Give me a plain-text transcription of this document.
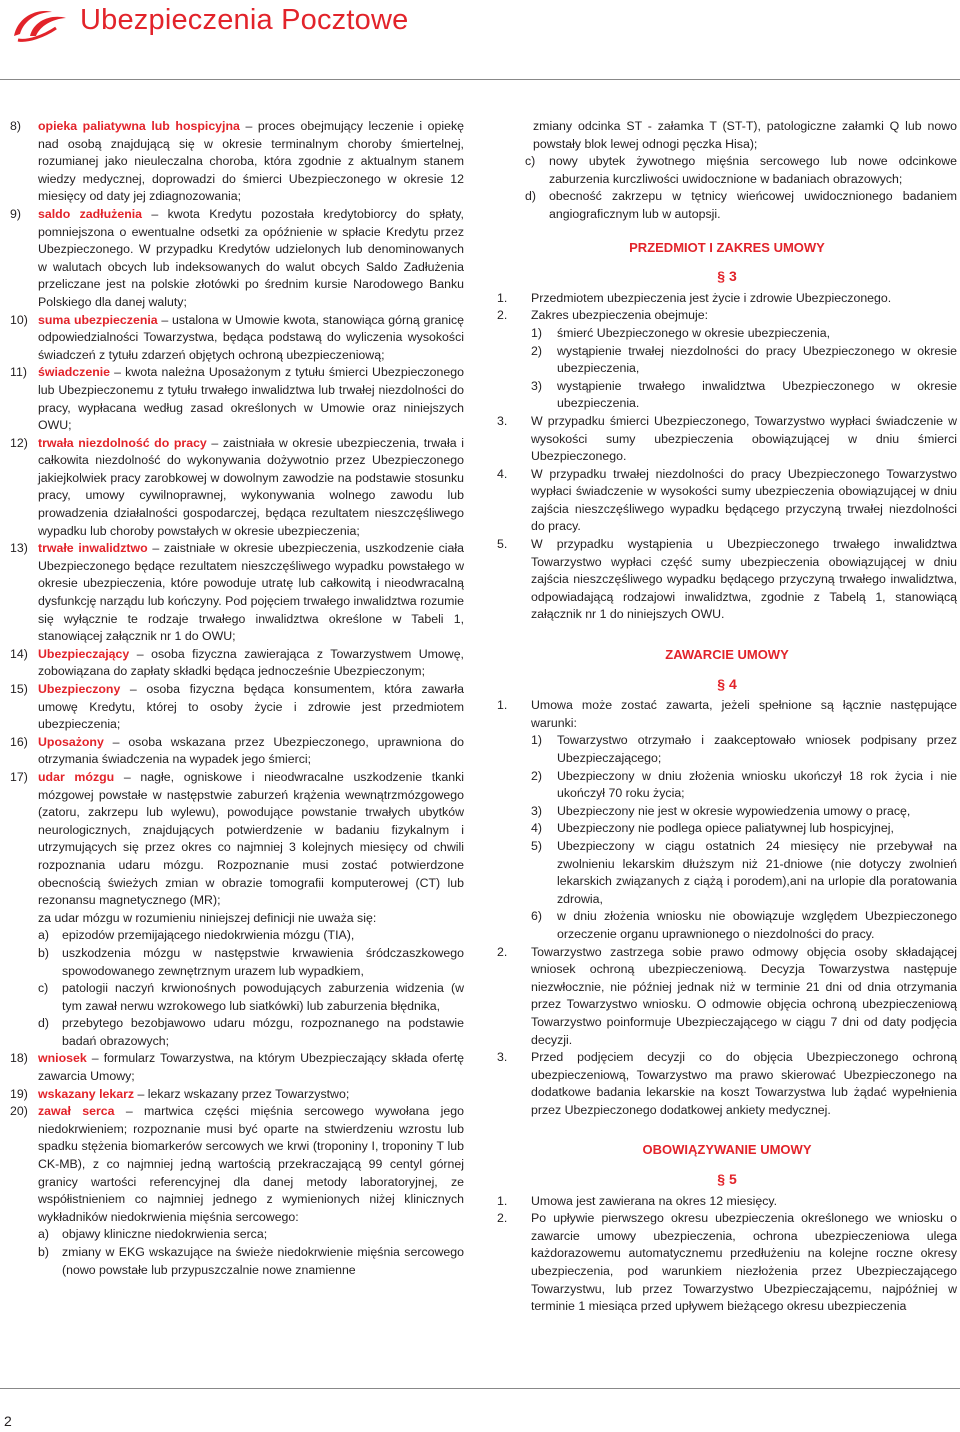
Ubezpieczenia Pocztowe
8)	opieka paliatywna lub hospicyjna – proces obejmujący leczenie i opiekę nad osobą znajdującą się w okresie terminalnym choroby śmiertelnej, rozumianej jako nieuleczalna choroba, która zgodnie z aktualnym stanem wiedzy medycznej, doprowadzi do śmierci Ubezpieczonego w okresie 12 miesięcy od daty jej zdiagnozowania;
9)	saldo zadłużenia – kwota Kredytu pozostała kredytobiorcy do spłaty, pomniejszona o ewentualne odsetki za opóźnienie w spłacie Kredytu przez Ubezpieczonego. W przypadku Kredytów udzielonych lub denominowanych w walutach obcych lub indeksowanych do walut obcych Saldo Zadłużenia przeliczane jest na polskie złotówki po średnim kursie Narodowego Banku Polskiego dla danej waluty;
10) suma ubezpieczenia – ustalona w Umowie kwota, stanowiąca górną granicę odpowiedzialności Towarzystwa, będąca podstawą do wyliczenia wysokości świadczeń z tytułu zdarzeń objętych ochroną ubezpieczeniową;
11) świadczenie – kwota należna Uposażonym z tytułu śmierci Ubezpieczonego lub Ubezpieczonemu z tytułu trwałego inwalidztwa lub trwałej niezdolności do pracy, wypłacana według zasad określonych w Umowie oraz niniejszych OWU;
12) trwała niezdolność do pracy – zaistniała w okresie ubezpieczenia, trwała i całkowita niezdolność do wykonywania dożywotnio przez Ubezpieczonego jakiejkolwiek pracy zarobkowej w dowolnym zawodzie na podstawie stosunku pracy, umowy cywilnoprawnej, wykonywania wolnego zawodu lub prowadzenia działalności gospodarczej, będąca rezultatem nieszczęśliwego wypadku lub choroby powstałych w okresie ubezpieczenia;
13) trwałe inwalidztwo – zaistniałe w okresie ubezpieczenia, uszkodzenie ciała Ubezpieczonego będące rezultatem nieszczęśliwego wypadku powstałego w okresie ubezpieczenia, które powoduje utratę lub całkowitą i nieodwracalną dysfunkcję narządu lub kończyny. Pod pojęciem trwałego inwalidztwa rozumie się wyłącznie te rodzaje trwałego inwalidztwa określone w Tabeli 1, stanowiącej załącznik nr 1 do OWU;
14) Ubezpieczający – osoba fizyczna zawierająca z Towarzystwem Umowę, zobowiązana do zapłaty składki będąca jednocześnie Ubezpieczonym;
15) Ubezpieczony – osoba fizyczna będąca konsumentem, która zawarła umowę Kredytu, której to osoby życie i zdrowie jest przedmiotem ubezpieczenia;
16) Uposażony – osoba wskazana przez Ubezpieczonego, uprawniona do otrzymania świadczenia na wypadek jego śmierci;
17) udar mózgu – nagłe, ogniskowe i nieodwracalne uszkodzenie tkanki mózgowej powstałe w następstwie zaburzeń krążenia wewnątrzmózgowego (zatoru, zakrzepu lub wylewu), powodujące powstanie trwałych ubytków neurologicznych, znajdujących potwierdzenie w badaniu fizykalnym i utrzymujących się przez okres co najmniej 3 kolejnych miesięcy od chwili rozpoznania udaru mózgu. Rozpoznanie musi zostać potwierdzone obecnością świeżych zmian w obrazie tomografii komputerowej (CT) lub rezonansu magnetycznego (MR);
za udar mózgu w rozumieniu niniejszej definicji nie uważa się:
a)	epizodów przemijającego niedokrwienia mózgu (TIA),
b)	uszkodzenia mózgu w następstwie krwawienia śródczaszkowego spowodowanego zewnętrznym urazem lub wypadkiem,
c)	patologii naczyń krwionośnych powodujących zaburzenia widzenia (w tym zawał nerwu wzrokowego lub siatkówki) lub zaburzenia błędnika,
d)	przebytego bezobjawowo udaru mózgu, rozpoznanego na podstawie badań obrazowych;
18) wniosek – formularz Towarzystwa, na którym Ubezpieczający składa ofertę zawarcia Umowy;
19) wskazany lekarz – lekarz wskazany przez Towarzystwo;
20) zawał serca – martwica części mięśnia sercowego wywołana jego niedokrwieniem; rozpoznanie musi być oparte na stwierdzeniu wzrostu lub spadku stężenia biomarkerów sercowych we krwi (troponiny I, troponiny T lub CK-MB), z co najmniej jedną wartością przekraczającą 99 centyl górnej granicy wartości referencyjnej dla danej metody laboratoryjnej, ze współistnieniem co najmniej jednego z wymienionych niżej klinicznych wykładników niedokrwienia mięśnia sercowego:
a)	objawy kliniczne niedokrwienia serca;
b)	zmiany w EKG wskazujące na świeże niedokrwienie mięśnia sercowego (nowo powstałe lub przypuszczalnie nowe znamienne
zmiany odcinka ST - załamka T (ST-T), patologiczne załamki Q lub nowo powstały blok lewej odnogi pęczka Hisa);
c)	nowy ubytek żywotnego mięśnia sercowego lub nowe odcinkowe zaburzenia kurczliwości uwidocznione w badaniach obrazowych;
d)	obecność zakrzepu w tętnicy wieńcowej uwidocznionego badaniem angiograficznym lub w autopsji.
PRZEDMIOT I ZAKRES UMOWY
§ 3
1.	Przedmiotem ubezpieczenia jest życie i zdrowie Ubezpieczonego.
2.	Zakres ubezpieczenia obejmuje:
1)	śmierć Ubezpieczonego w okresie ubezpieczenia,
2)	wystąpienie trwałej niezdolności do pracy Ubezpieczonego w okresie ubezpieczenia,
3)	wystąpienie trwałego inwalidztwa Ubezpieczonego w okresie ubezpieczenia.
3.	W przypadku śmierci Ubezpieczonego, Towarzystwo wypłaci świadczenie w wysokości sumy ubezpieczenia obowiązującej w dniu śmierci Ubezpieczonego.
4.	W przypadku trwałej niezdolności do pracy Ubezpieczonego Towarzystwo wypłaci świadczenie w wysokości sumy ubezpieczenia obowiązującej w dniu zajścia nieszczęśliwego wypadku będącego przyczyną trwałej niezdolności do pracy.
5.	W przypadku wystąpienia u Ubezpieczonego trwałego inwalidztwa Towarzystwo wypłaci część sumy ubezpieczenia obowiązującej w dniu zajścia nieszczęśliwego wypadku będącego przyczyną trwałego inwalidztwa, odpowiadającą rodzajowi inwalidztwa, zgodnie z Tabelą 1, stanowiącą załącznik nr 1 do niniejszych OWU.
ZAWARCIE UMOWY
§ 4
1.	Umowa może zostać zawarta, jeżeli spełnione są łącznie następujące warunki:
1)	Towarzystwo otrzymało i zaakceptowało wniosek podpisany przez Ubezpieczającego;
2)	Ubezpieczony w dniu złożenia wniosku ukończył 18 rok życia i nie ukończył 70 roku życia;
3)	Ubezpieczony nie jest w okresie wypowiedzenia umowy o pracę,
4)	Ubezpieczony nie podlega opiece paliatywnej lub hospicyjnej,
5)	Ubezpieczony w ciągu ostatnich 24 miesięcy nie przebywał na zwolnieniu lekarskim dłuższym niż 21-dniowe (nie dotyczy zwolnień lekarskich związanych z ciążą i porodem),ani na urlopie dla poratowania zdrowia,
6)	w dniu złożenia wniosku nie obowiązuje względem Ubezpieczonego orzeczenie organu uprawnionego o niezdolności do pracy.
2.	Towarzystwo zastrzega sobie prawo odmowy objęcia osoby składającej wniosek ochroną ubezpieczeniową. Decyzja Towarzystwa następuje niezwłocznie, nie później jednak niż w terminie 21 dni od dnia otrzymania przez Towarzystwo wniosku. O odmowie objęcia ochroną ubezpieczeniową Towarzystwo poinformuje Ubezpieczającego w ciągu 7 dni od daty podjęcia decyzji.
3.	Przed podjęciem decyzji co do objęcia Ubezpieczonego ochroną ubezpieczeniową, Towarzystwo ma prawo skierować Ubezpieczonego na dodatkowe badania lekarskie na koszt Towarzystwa lub żądać wypełnienia przez Ubezpieczonego dodatkowej ankiety medycznej.
OBOWIĄZYWANIE UMOWY
§ 5
1.	Umowa jest zawierana na okres 12 miesięcy.
2.	Po upływie pierwszego okresu ubezpieczenia określonego we wniosku o zawarcie umowy ubezpieczenia, ochrona ubezpieczeniowa ulega każdorazowemu automatycznemu przedłużeniu na kolejne roczne okresy ubezpieczenia, pod warunkiem niezłożenia przez Ubezpieczającego Towarzystwu, lub przez Towarzystwo Ubezpieczającemu, najpóźniej w terminie 1 miesiąca przed upływem bieżącego okresu ubezpieczenia
2
